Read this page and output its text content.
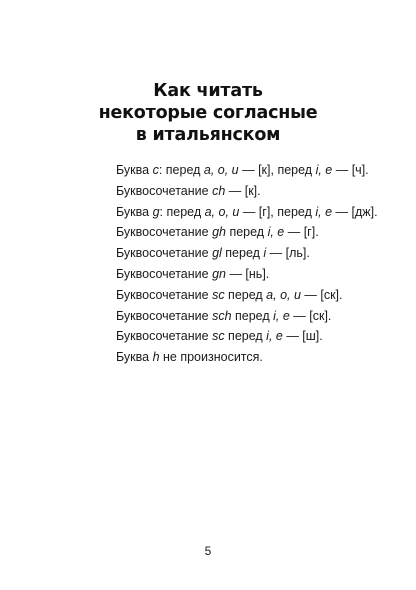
Как читать
некоторые согласные
в итальянском
Буква c: перед a, o, u — [к], перед i, e — [ч].
Буквосочетание ch — [к].
Буква g: перед a, o, u — [г], перед i, e — [дж].
Буквосочетание gh перед i, e — [г].
Буквосочетание gl перед i — [ль].
Буквосочетание gn — [нь].
Буквосочетание sc перед a, o, u — [ск].
Буквосочетание sch перед i, e — [ск].
Буквосочетание sc перед i, e — [ш].
Буква h не произносится.
5
